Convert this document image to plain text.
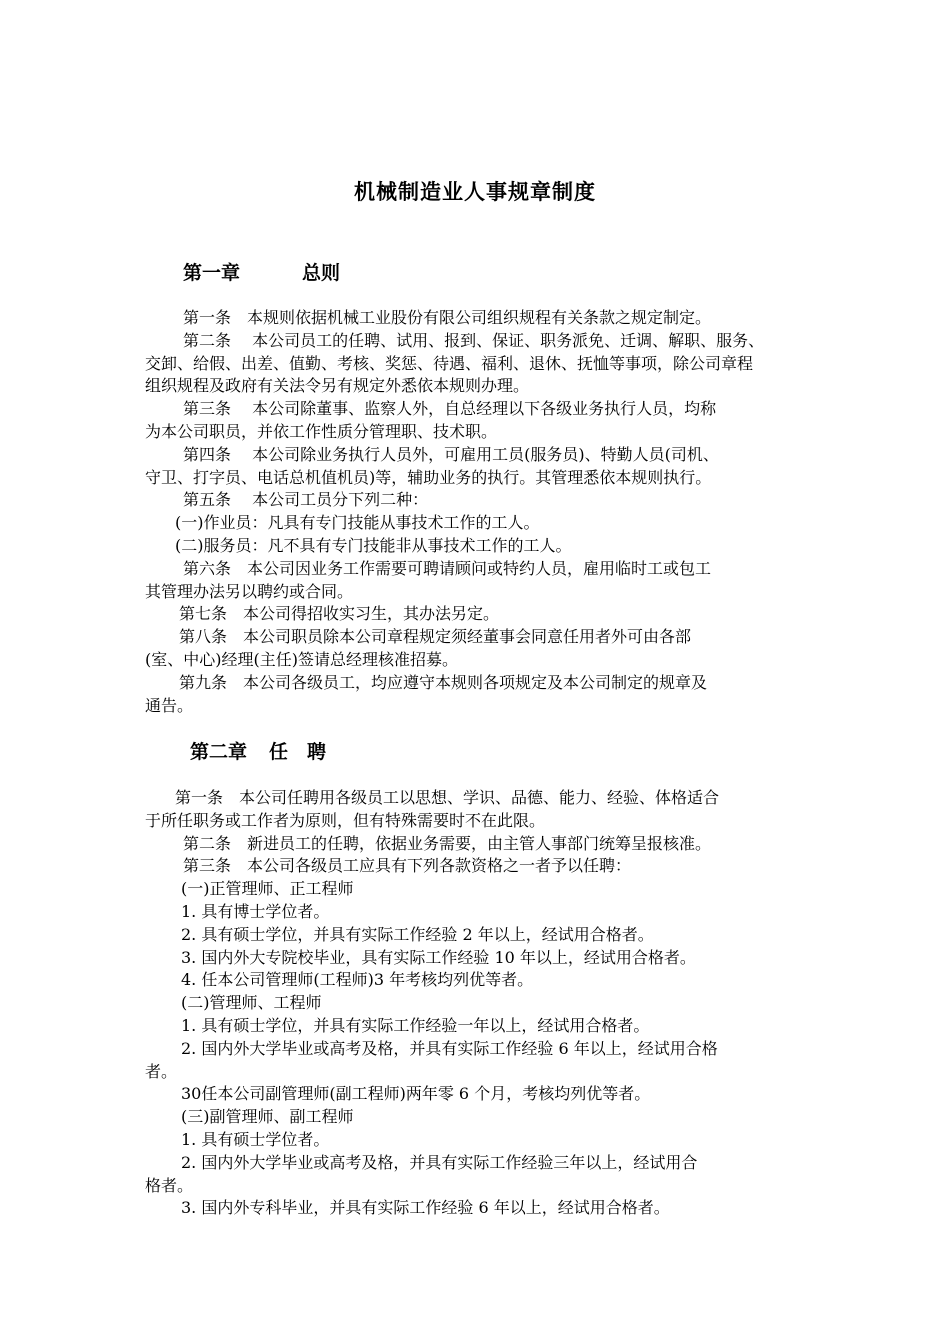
机械制造业人事规章制度
第一章	总则
第一条　 本规则依据机械工业股份有限公司组织规程有关条款之规定制定。
第二条　 本公司员工的任聘、试用、报到、保证、职务派免、迁调、解职、服务、
交卸、给假、出差、值勤、考核、奖惩、待遇、福利、退休、抚恤等事项，除公司章程
组织规程及政府有关法令另有规定外悉依本规则办理。
第三条　 本公司除董事、监察人外，自总经理以下各级业务执行人员，均称
为本公司职员，并依工作性质分管理职、技术职。
第四条　 本公司除业务执行人员外，可雇用工员(服务员)、特勤人员(司机、
守卫、打字员、电话总机值机员)等，辅助业务的执行。其管理悉依本规则执行。
第五条　 本公司工员分下列二种：
(一)作业员：凡具有专门技能从事技术工作的工人。
(二)服务员：凡不具有专门技能非从事技术工作的工人。
第六条　 本公司因业务工作需要可聘请顾问或特约人员，雇用临时工或包工
其管理办法另以聘约或合同。
第七条　 本公司得招收实习生，其办法另定。
第八条　 本公司职员除本公司章程规定须经董事会同意任用者外可由各部
(室、中心)经理(主任)签请总经理核准招募。
第九条　 本公司各级员工，均应遵守本规则各项规定及本公司制定的规章及
通告。
第二章 任　聘
第一条　本公司任聘用各级员工以思想、学识、品德、能力、经验、体格适合
于所任职务或工作者为原则，但有特殊需要时不在此限。
第二条　新进员工的任聘，依据业务需要，由主管人事部门统筹呈报核准。
第三条　本公司各级员工应具有下列各款资格之一者予以任聘：
(一)正管理师、正工程师
1. 具有博士学位者。
2. 具有硕士学位，并具有实际工作经验 2 年以上，经试用合格者。
3. 国内外大专院校毕业，具有实际工作经验 10 年以上，经试用合格者。
4. 任本公司管理师(工程师)3 年考核均列优等者。
(二)管理师、工程师
1. 具有硕士学位，并具有实际工作经验一年以上，经试用合格者。
2. 国内外大学毕业或高考及格，并具有实际工作经验 6 年以上，经试用合格
者。
30任本公司副管理师(副工程师)两年零 6 个月，考核均列优等者。
(三)副管理师、副工程师
1. 具有硕士学位者。
2. 国内外大学毕业或高考及格，并具有实际工作经验三年以上，经试用合
格者。
3. 国内外专科毕业，并具有实际工作经验 6 年以上，经试用合格者。
